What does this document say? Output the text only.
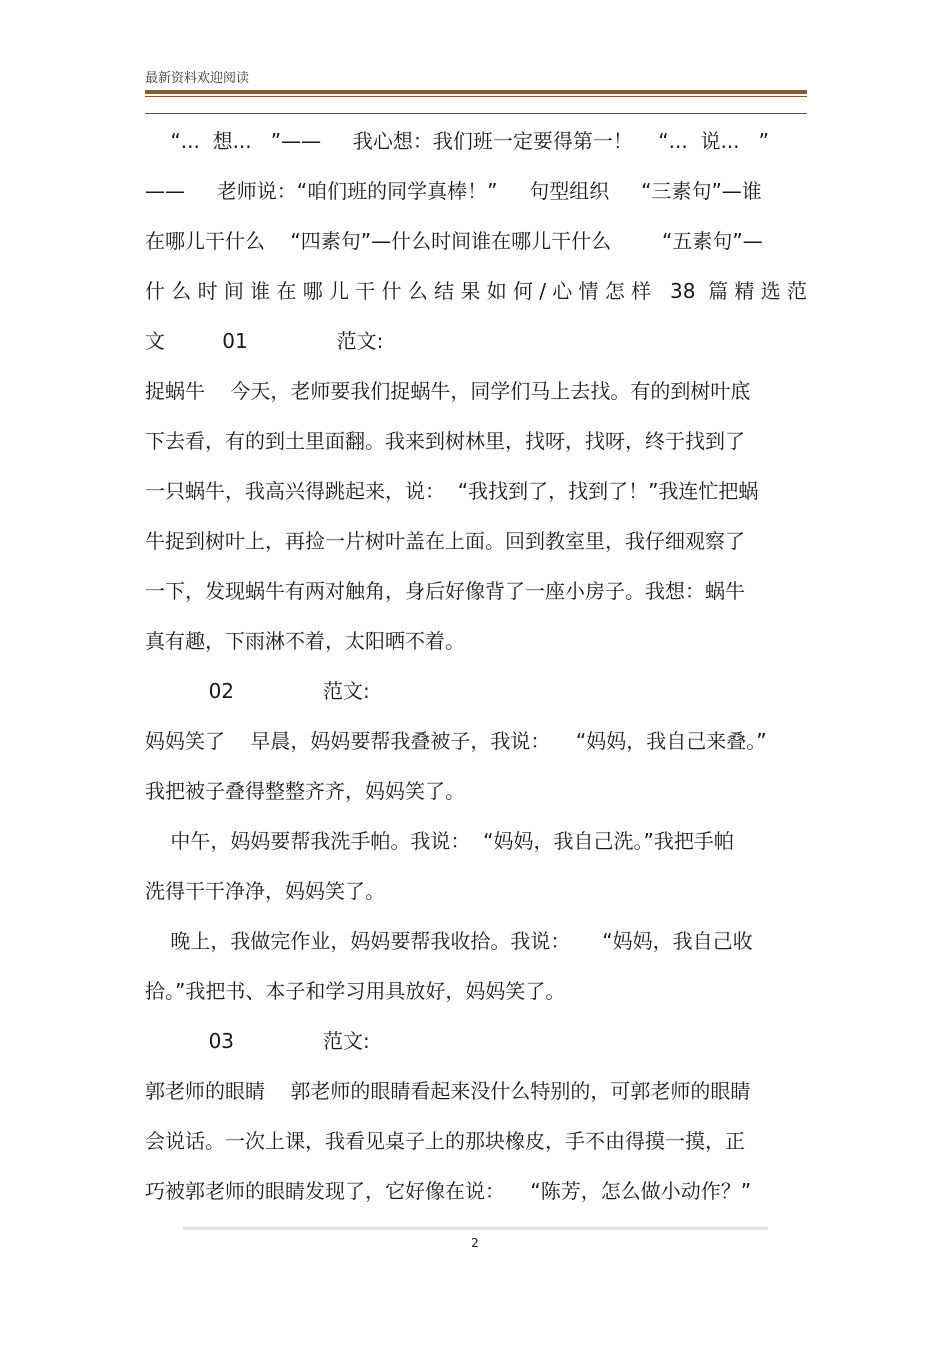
最新资料欢迎阅读
“...  想...   ”——     我心想：我们班一定要得第一！    “...  说...   ”
——     老师说：“咱们班的同学真棒！”     句型组织     “三素句”—谁
在哪儿干什么    “四素句”—什么时间谁在哪儿干什么        “五素句”—
什么时间谁在哪儿干什么结果如何/心情怎样 38 篇精选范
文         01              范文:
捉蜗牛    今天，老师要我们捉蜗牛，同学们马上去找。有的到树叶底
下去看，有的到土里面翻。我来到树林里，找呀，找呀，终于找到了
一只蜗牛，我高兴得跳起来，说：  “我找到了，找到了！”我连忙把蜗
牛捉到树叶上，再捡一片树叶盖在上面。回到教室里，我仔细观察了
一下，发现蜗牛有两对触角，身后好像背了一座小房子。我想：蜗牛
真有趣，下雨淋不着，太阳晒不着。
02              范文:
妈妈笑了    早晨，妈妈要帮我叠被子，我说：    “妈妈，我自己来叠。”
我把被子叠得整整齐齐，妈妈笑了。
中午，妈妈要帮我洗手帕。我说：  “妈妈，我自己洗。”我把手帕
洗得干干净净，妈妈笑了。
晚上，我做完作业，妈妈要帮我收拾。我说：     “妈妈，我自己收
拾。”我把书、本子和学习用具放好，妈妈笑了。
03              范文:
郭老师的眼睛    郭老师的眼睛看起来没什么特别的，可郭老师的眼睛
会说话。一次上课，我看见桌子上的那块橡皮，手不由得摸一摸，正
巧被郭老师的眼睛发现了，它好像在说：    “陈芳，怎么做小动作？”
2
